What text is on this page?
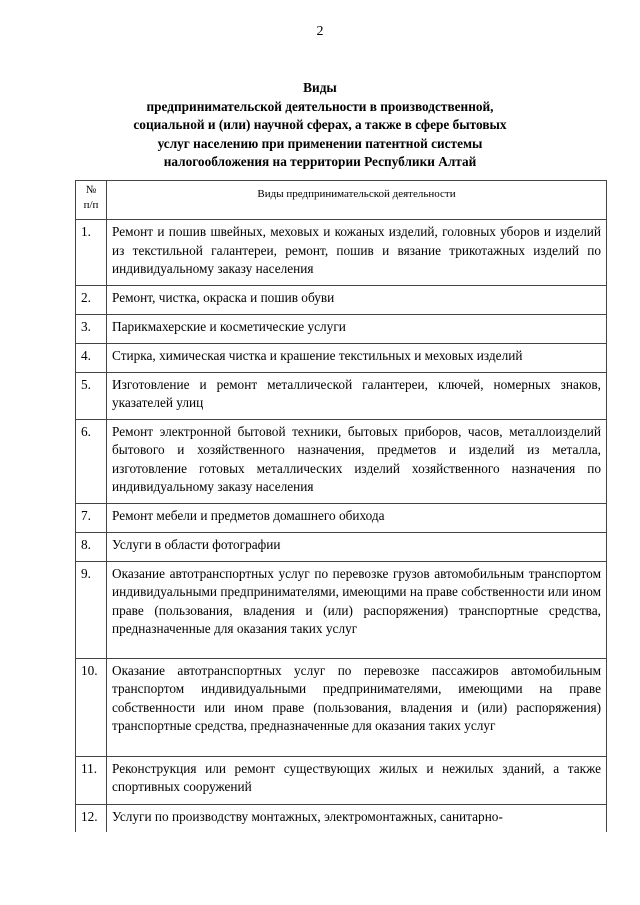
2
Виды
предпринимательской деятельности в производственной,
социальной и (или) научной сферах, а также в сфере бытовых
услуг населению при применении патентной системы
налогообложения на территории Республики Алтай
№
п/п	Виды предпринимательской деятельности
1.	Ремонт и пошив швейных, меховых и кожаных изделий, головных уборов и изделий из текстильной галантереи, ремонт, пошив и вязание трикотажных изделий по индивидуальному заказу населения
2.	Ремонт, чистка, окраска и пошив обуви
3.	Парикмахерские и косметические услуги
4.	Стирка, химическая чистка и крашение текстильных и меховых изделий
5.	Изготовление и ремонт металлической галантереи, ключей, номерных знаков, указателей улиц
6.	Ремонт электронной бытовой техники, бытовых приборов, часов, металлоизделий бытового и хозяйственного назначения, предметов и изделий из металла, изготовление готовых металлических изделий хозяйственного назначения по индивидуальному заказу населения
7.	Ремонт мебели и предметов домашнего обихода
8.	Услуги в области фотографии
9.	Оказание автотранспортных услуг по перевозке грузов автомобильным транспортом индивидуальными предпринимателями, имеющими на праве собственности или ином праве (пользования, владения и (или) распоряжения) транспортные средства, предназначенные для оказания таких услуг
10.	Оказание автотранспортных услуг по перевозке пассажиров автомобильным транспортом индивидуальными предпринимателями, имеющими на праве собственности или ином праве (пользования, владения и (или) распоряжения) транспортные средства, предназначенные для оказания таких услуг
11.	Реконструкция или ремонт существующих жилых и нежилых зданий, а также спортивных сооружений
12.	Услуги по производству монтажных, электромонтажных, санитарно-
